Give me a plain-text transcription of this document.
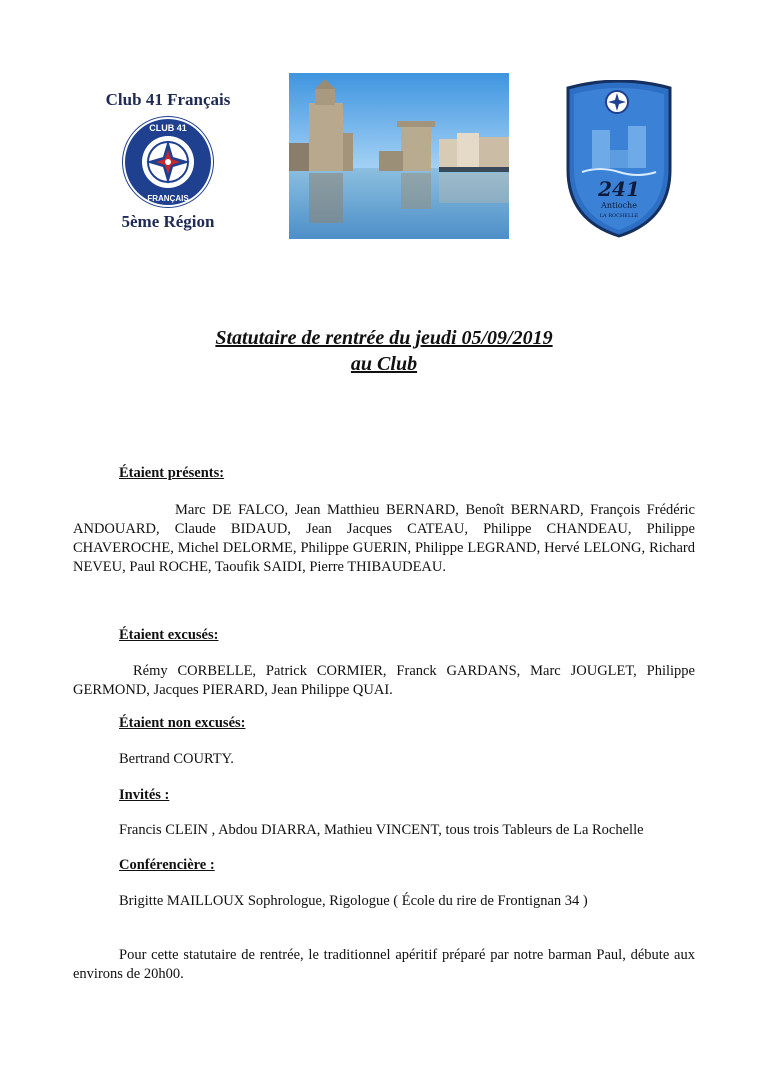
Club 41 Français
CLUB 41
FRANÇAIS
5ème Région
241
Antioche
LA ROCHELLE
Statutaire de rentrée du jeudi 05/09/2019
au Club
Étaient présents:

Marc DE FALCO, Jean Matthieu BERNARD, Benoît BERNARD, François Frédéric ANDOUARD, Claude BIDAUD, Jean Jacques CATEAU, Philippe CHANDEAU, Philippe CHAVEROCHE, Michel DELORME, Philippe GUERIN, Philippe LEGRAND, Hervé LELONG, Richard NEVEU, Paul ROCHE, Taoufik SAIDI, Pierre THIBAUDEAU.

Étaient excusés:

Rémy CORBELLE, Patrick CORMIER, Franck GARDANS, Marc JOUGLET, Philippe GERMOND, Jacques PIERARD, Jean Philippe QUAI.

Étaient non excusés:
Bertrand COURTY.
Invités :
Francis CLEIN , Abdou DIARRA, Mathieu VINCENT, tous trois Tableurs de La Rochelle
Conférencière :
Brigitte MAILLOUX Sophrologue, Rigologue ( École du rire de Frontignan 34 )

Pour cette statutaire de rentrée, le traditionnel apéritif préparé par notre barman Paul, débute aux environs de 20h00.
